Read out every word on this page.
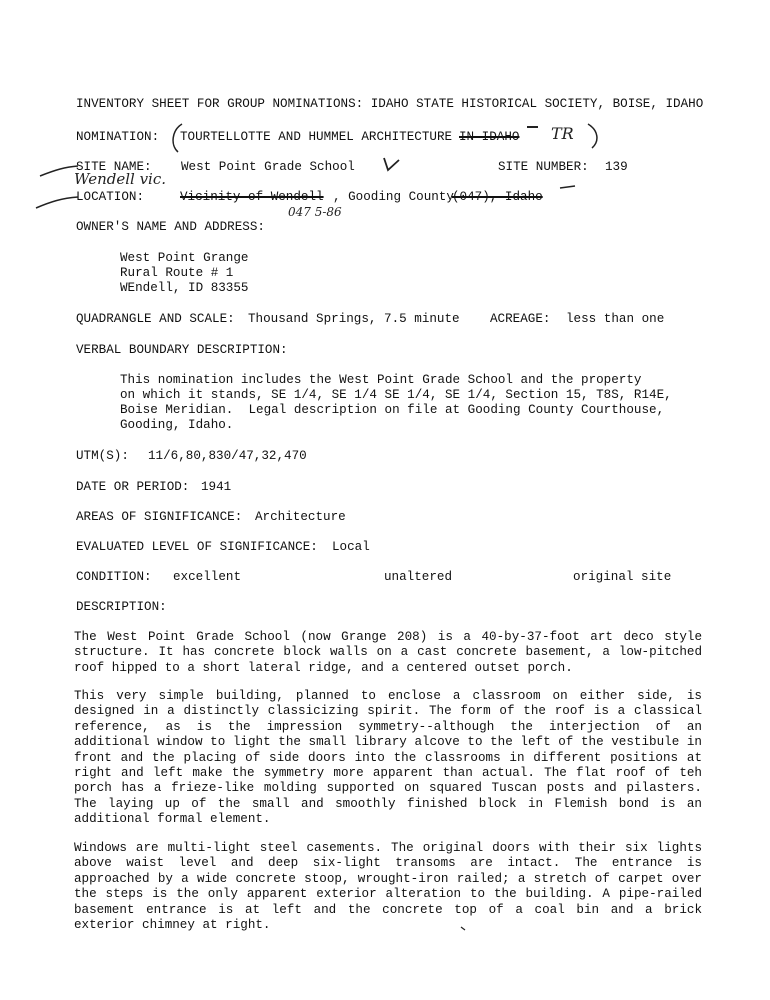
INVENTORY SHEET FOR GROUP NOMINATIONS: IDAHO STATE HISTORICAL SOCIETY, BOISE, IDAHO
NOMINATION: TOURTELLOTTE AND HUMMEL ARCHITECTURE IN IDAHO TR
SITE NAME: West Point Grade School	SITE NUMBER: 139
Wendell vic.
LOCATION:	Vicinity of Wendell , Gooding County
(047), Idaho
047 5-86
OWNER'S NAME AND ADDRESS:
West Point Grange
Rural Route # 1
WEndell, ID 83355
QUADRANGLE AND SCALE: Thousand Springs, 7.5 minute ACREAGE: less than one
VERBAL BOUNDARY DESCRIPTION:
This nomination includes the West Point Grade School and the property
on which it stands, SE 1/4, SE 1/4 SE 1/4, SE 1/4, Section 15, T8S, R14E,
Boise Meridian.  Legal description on file at Gooding County Courthouse,
Gooding, Idaho.
UTM(S): 11/6,80,830/47,32,470
DATE OR PERIOD: 1941
AREAS OF SIGNIFICANCE: Architecture
EVALUATED LEVEL OF SIGNIFICANCE: Local
CONDITION: excellent	unaltered	original site
DESCRIPTION:
The West Point Grade School (now Grange 208) is a 40-by-37-foot art deco style structure. It has concrete block walls on a cast concrete basement, a low-pitched roof hipped to a short lateral ridge, and a centered outset porch.
This very simple building, planned to enclose a classroom on either side, is designed in a distinctly classicizing spirit. The form of the roof is a classical reference, as is the impression symmetry--although the interjection of an additional window to light the small library alcove to the left of the vestibule in front and the placing of side doors into the classrooms in different positions at right and left make the symmetry more apparent than actual. The flat roof of teh porch has a frieze-like molding supported on squared Tuscan posts and pilasters. The laying up of the small and smoothly finished block in Flemish bond is an additional formal element.
Windows are multi-light steel casements. The original doors with their six lights above waist level and deep six-light transoms are intact. The entrance is approached by a wide concrete stoop, wrought-iron railed; a stretch of carpet over the steps is the only apparent exterior alteration to the building. A pipe-railed basement entrance is at left and the concrete top of a coal bin and a brick exterior chimney at right.
